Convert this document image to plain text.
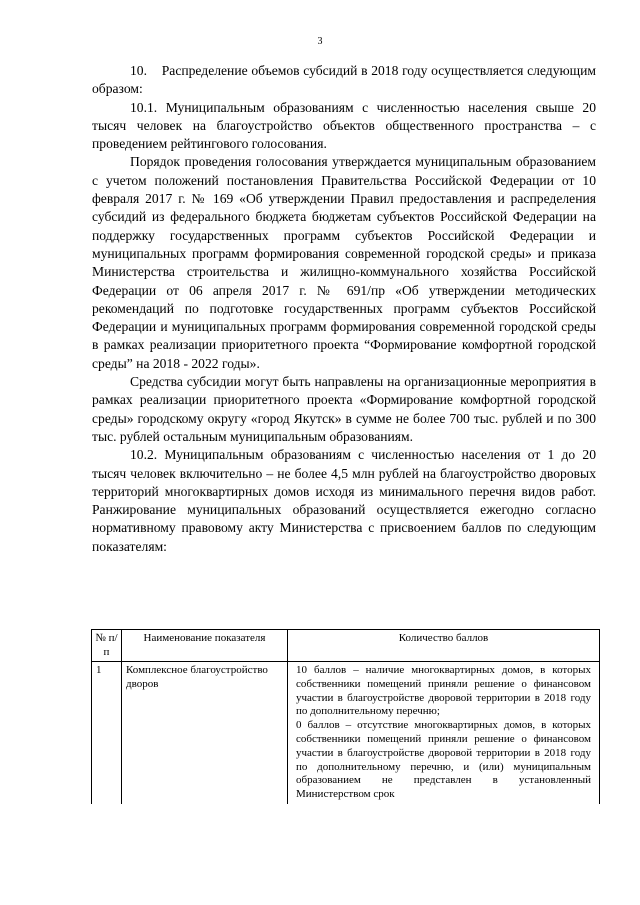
3

10.    Распределение объемов субсидий в 2018 году осуществляется следующим образом:

10.1. Муниципальным образованиям с численностью населения свыше 20 тысяч человек на благоустройство объектов общественного пространства – с проведением рейтингового голосования.

Порядок проведения голосования утверждается муниципальным образованием с учетом положений постановления Правительства Российской Федерации от 10 февраля 2017 г. № 169 «Об утверждении Правил предоставления и распределения субсидий из федерального бюджета бюджетам субъектов Российской Федерации на поддержку государственных программ субъектов Российской Федерации и муниципальных программ формирования современной городской среды» и приказа Министерства строительства и жилищно-коммунального хозяйства Российской Федерации от 06 апреля 2017 г. № 691/пр «Об утверждении методических рекомендаций по подготовке государственных программ субъектов Российской Федерации и муниципальных программ формирования современной городской среды в рамках реализации приоритетного проекта “Формирование комфортной городской среды” на 2018 - 2022 годы».

Средства субсидии могут быть направлены на организационные мероприятия в рамках реализации приоритетного проекта «Формирование комфортной городской среды» городскому округу «город Якутск» в сумме не более 700 тыс. рублей и по 300 тыс. рублей остальным муниципальным образованиям.

10.2. Муниципальным образованиям с численностью населения от 1 до 20 тысяч человек включительно – не более 4,5 млн рублей на благоустройство дворовых территорий многоквартирных домов исходя из минимального перечня видов работ. Ранжирование муниципальных образований осуществляется ежегодно согласно нормативному правовому акту Министерства с присвоением баллов по следующим показателям:

№ п/п	Наименование показателя	Количество баллов
1	Комплексное благоустройство дворов	10 баллов – наличие многоквартирных домов, в которых собственники помещений приняли решение о финансовом участии в благоустройстве дворовой территории в 2018 году по дополнительному перечню;

0 баллов – отсутствие многоквартирных домов, в которых собственники помещений приняли решение о финансовом участии в благоустройстве дворовой территории в 2018 году по дополнительному перечню, и (или) муниципальным образованием не представлен в установленный Министерством срок
